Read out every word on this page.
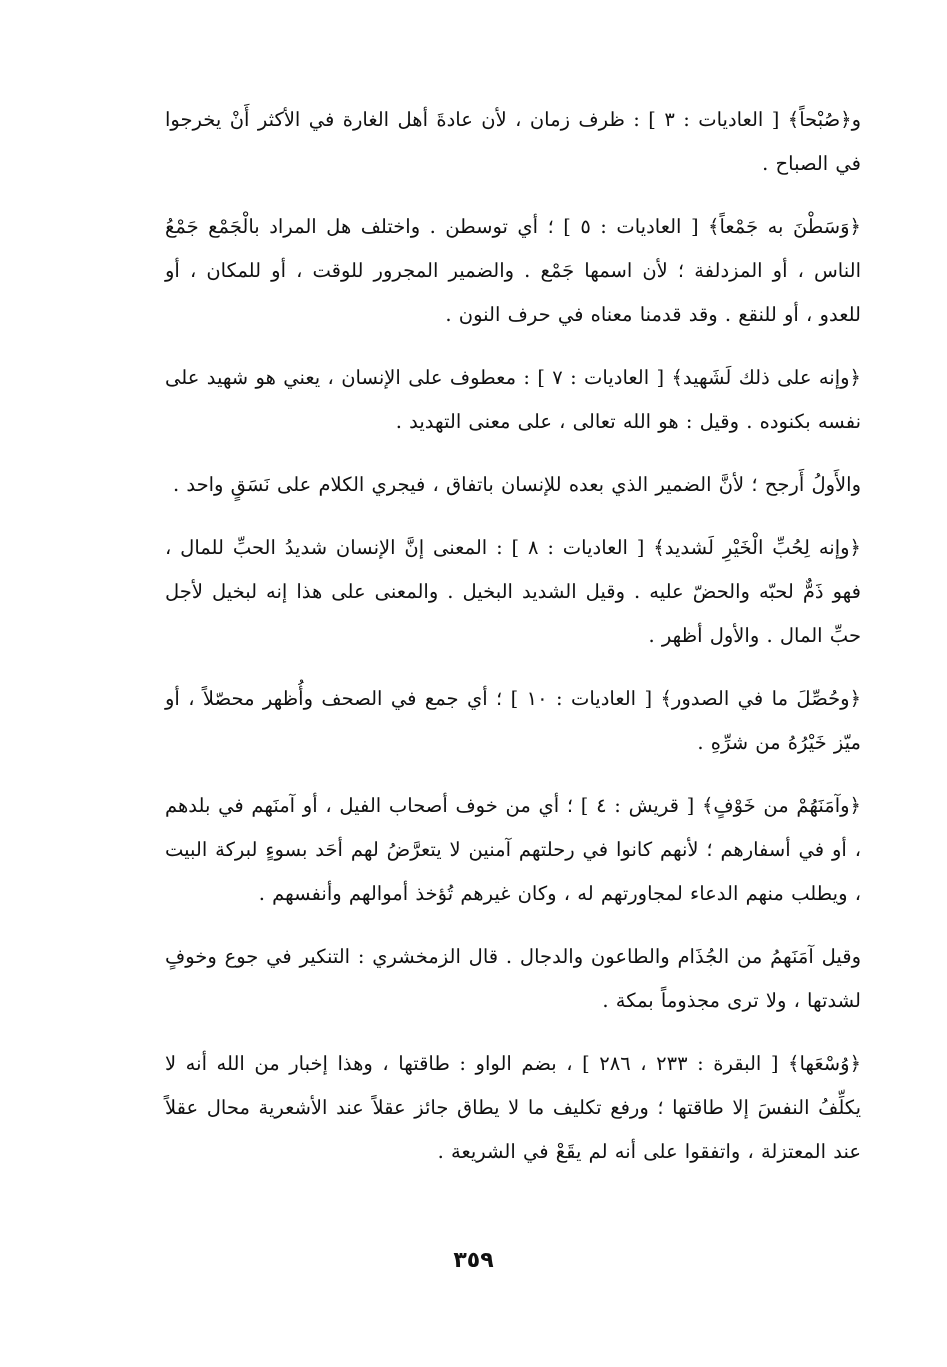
و﴿صُبْحاً﴾ [ العاديات : ٣ ] : ظرف زمان ، لأن عادةَ أهل الغارة في الأكثر أَنْ يخرجوا في الصباح .

﴿وَسَطْنَ به جَمْعاً﴾ [ العاديات : ٥ ] ؛ أي توسطن . واختلف هل المراد بالْجَمْع جَمْعُ الناس ، أو المزدلفة ؛ لأن اسمها جَمْع . والضمير المجرور للوقت ، أو للمكان ، أو للعدو ، أو للنقع . وقد قدمنا معناه في حرف النون .

﴿وإنه على ذلك لَشَهيد﴾ [ العاديات : ٧ ] : معطوف على الإنسان ، يعني هو شهيد على نفسه بكنوده . وقيل : هو الله تعالى ، على معنى التهديد .

والأَولُ أَرجح ؛ لأنَّ الضمير الذي بعده للإنسان باتفاق ، فيجري الكلام على نَسَقٍ واحد .

﴿وإنه لِحُبِّ الْخَيْرِ لَشديد﴾ [ العاديات : ٨ ] : المعنى إنَّ الإنسان شديدُ الحبِّ للمال ، فهو ذَمٌّ لحبّه والحضّ عليه . وقيل الشديد البخيل . والمعنى على هذا إنه لبخيل لأجل حبِّ المال . والأول أظهر .

﴿وحُصِّلَ ما في الصدور﴾ [ العاديات : ١٠ ] ؛ أي جمع في الصحف وأُظهر محصّلاً ، أو ميّز خَيْرُهُ من شرِّهِ .

﴿وآمَنَهُمْ من خَوْفٍ﴾ [ قريش : ٤ ] ؛ أي من خوف أصحاب الفيل ، أو آمنَهم في بلدهم ، أو في أسفارهم ؛ لأنهم كانوا في رحلتهم آمنين لا يتعرَّضُ لهم أحَد بسوءٍ لبركة البيت ، ويطلب منهم الدعاء لمجاورتهم له ، وكان غيرهم تُؤخذ أموالهم وأنفسهم .

وقيل آمَنَهمُ من الجُذَام والطاعون والدجال . قال الزمخشري : التنكير في جوع وخوفٍ لشدتها ، ولا ترى مجذوماً بمكة .

﴿وُسْعَها﴾ [ البقرة : ٢٣٣ ، ٢٨٦ ] ، بضم الواو : طاقتها ، وهذا إخبار من الله أنه لا يكلِّفُ النفسَ إلا طاقتها ؛ ورفع تكليف ما لا يطاق جائز عقلاً عند الأشعرية محال عقلاً عند المعتزلة ، واتفقوا على أنه لم يقَعْ في الشريعة .

٣٥٩
